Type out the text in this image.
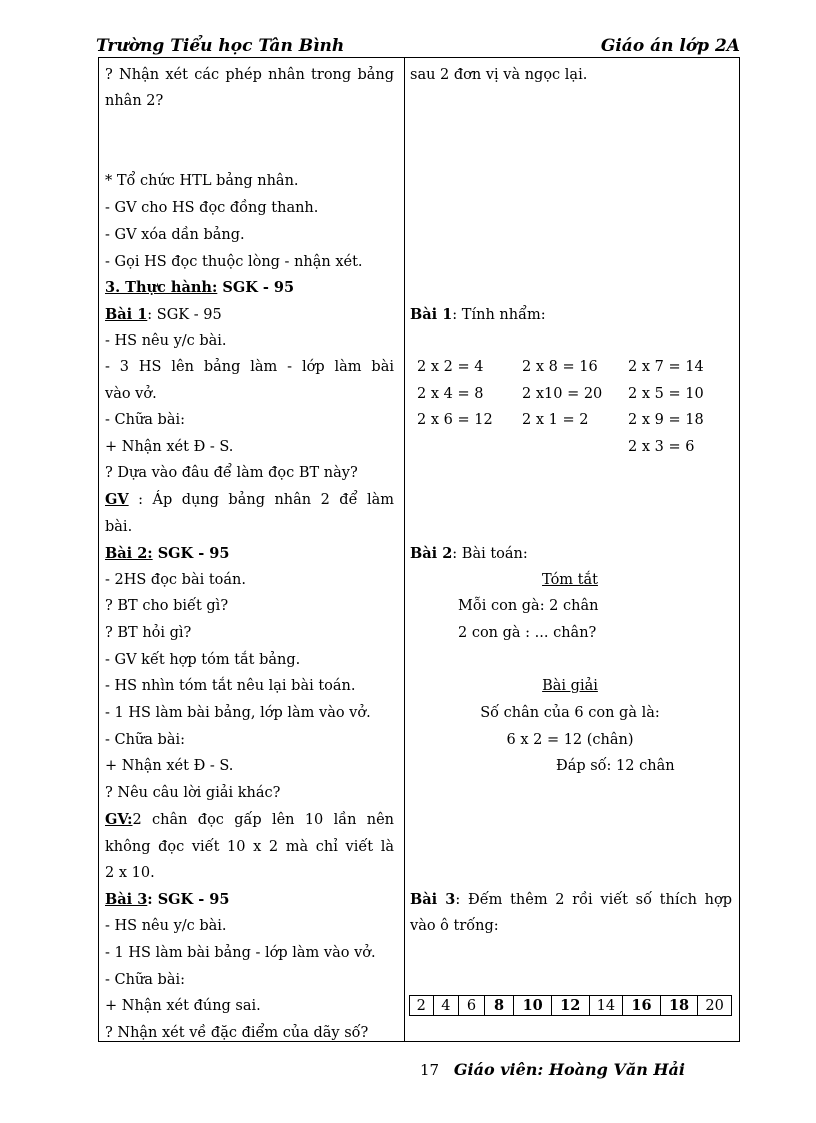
Trường Tiểu học Tân Bình	Giáo án lớp 2A
? Nhận xét các phép nhân trong bảng
nhân 2?
* Tổ chức HTL bảng nhân.
- GV cho HS đọc đồng thanh.
- GV xóa dần bảng.
- Gọi HS đọc thuộc lòng - nhận xét.
3. Thực hành: SGK - 95
Bài 1: SGK - 95
- HS nêu y/c bài.
- 3 HS lên bảng làm - lớp làm bài
vào vở.
- Chữa bài:
+ Nhận xét Đ - S.
? Dựa vào đâu để làm đọc BT này?
GV : Áp dụng bảng nhân 2 để làm
bài.
Bài 2: SGK - 95
- 2HS đọc bài toán.
? BT cho biết gì?
? BT hỏi gì?
- GV kết hợp tóm tắt bảng.
- HS nhìn tóm tắt nêu lại bài toán.
- 1 HS làm bài bảng, lớp làm vào vở.
- Chữa bài:
+ Nhận xét Đ - S.
? Nêu câu lời giải khác?
GV:2 chân đọc gấp lên 10 lần nên
không đọc viết 10 x 2 mà chỉ viết là
2 x 10.
Bài 3: SGK - 95
- HS nêu y/c bài.
- 1 HS làm bài bảng - lớp làm vào vở.
- Chữa bài:
+ Nhận xét đúng sai.
? Nhận xét về đặc điểm của dãy số?
sau 2 đơn vị và ngọc lại.
Bài 1: Tính nhẩm:
2 x 2 = 4	2 x 8 = 16 2 x 7 = 14
2 x 4 = 8	2 x10 = 20 2 x 5 = 10
2 x 6 = 12 2 x 1 = 2	2 x 9 = 18
2 x 3 = 6
Bài 2: Bài toán:
Tóm tắt
Mỗi con gà: 2 chân
2 con gà : ... chân?
Bài giải
Số chân của 6 con gà là:
6 x 2 = 12 (chân)
Đáp số: 12 chân
Bài 3: Đếm thêm 2 rồi viết số thích hợp
vào ô trống:
2	4	6	8	10	12	14	16	18	20
17 Giáo viên: Hoàng Văn Hải
